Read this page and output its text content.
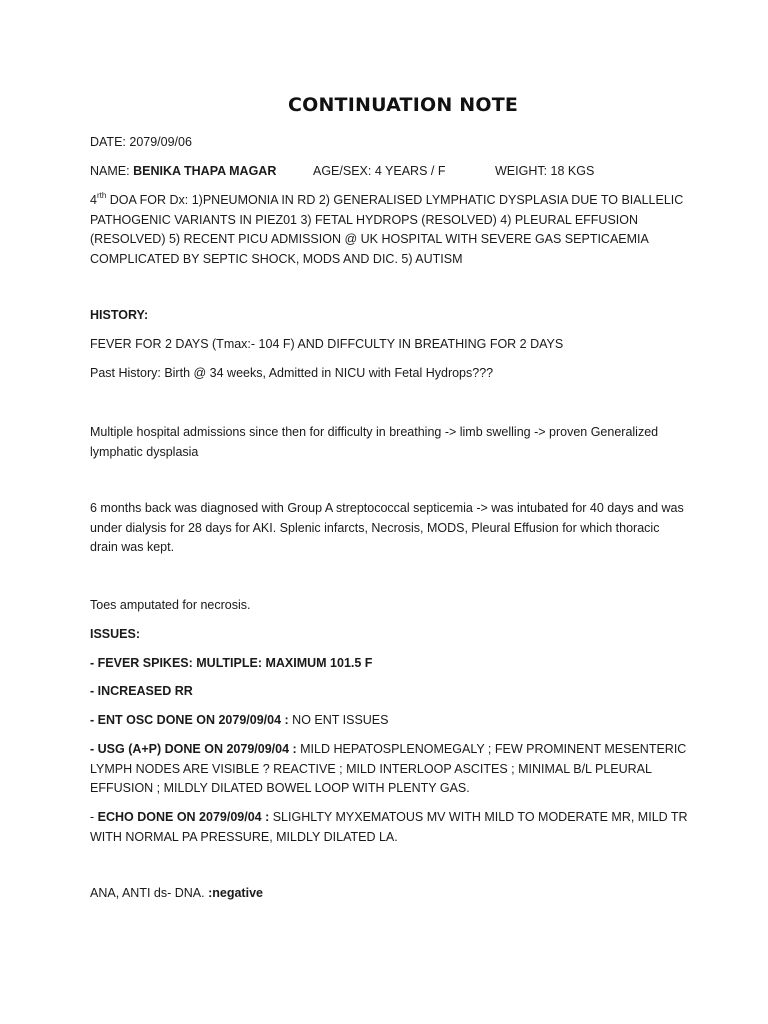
CONTINUATION NOTE
DATE: 2079/09/06
NAME: BENIKA THAPA MAGAR	AGE/SEX: 4 YEARS / F	WEIGHT: 18 KGS
$4^{rth}$ DOA FOR Dx: 1)PNEUMONIA IN RD 2) GENERALISED LYMPHATIC DYSPLASIA DUE TO BIALLELIC PATHOGENIC VARIANTS IN PIEZ01 3) FETAL HYDROPS (RESOLVED) 4) PLEURAL EFFUSION (RESOLVED) 5) RECENT PICU ADMISSION @ UK HOSPITAL WITH SEVERE GAS SEPTICAEMIA COMPLICATED BY SEPTIC SHOCK, MODS AND DIC. 5) AUTISM
HISTORY:
FEVER FOR 2 DAYS (Tmax:- 104 F) AND DIFFCULTY IN BREATHING FOR 2 DAYS
Past History: Birth @ 34 weeks, Admitted in NICU with Fetal Hydrops???
Multiple hospital admissions since then for difficulty in breathing -> limb swelling -> proven Generalized lymphatic dysplasia
6 months back was diagnosed with Group A streptococcal septicemia -> was intubated for 40 days and was under dialysis for 28 days for AKI. Splenic infarcts, Necrosis, MODS, Pleural Effusion for which thoracic drain was kept.
Toes amputated for necrosis.
ISSUES:
- FEVER SPIKES: MULTIPLE: MAXIMUM 101.5 F
- INCREASED RR
- ENT OSC DONE ON 2079/09/04 : NO ENT ISSUES
- USG (A+P) DONE ON 2079/09/04 : MILD HEPATOSPLENOMEGALY ; FEW PROMINENT MESENTERIC LYMPH NODES ARE VISIBLE ? REACTIVE ; MILD INTERLOOP ASCITES ; MINIMAL B/L PLEURAL EFFUSION ; MILDLY DILATED BOWEL LOOP WITH PLENTY GAS.
- ECHO DONE ON 2079/09/04 : SLIGHLTY MYXEMATOUS MV WITH MILD TO MODERATE MR, MILD TR WITH NORMAL PA PRESSURE, MILDLY DILATED LA.
ANA, ANTI ds- DNA. :negative
